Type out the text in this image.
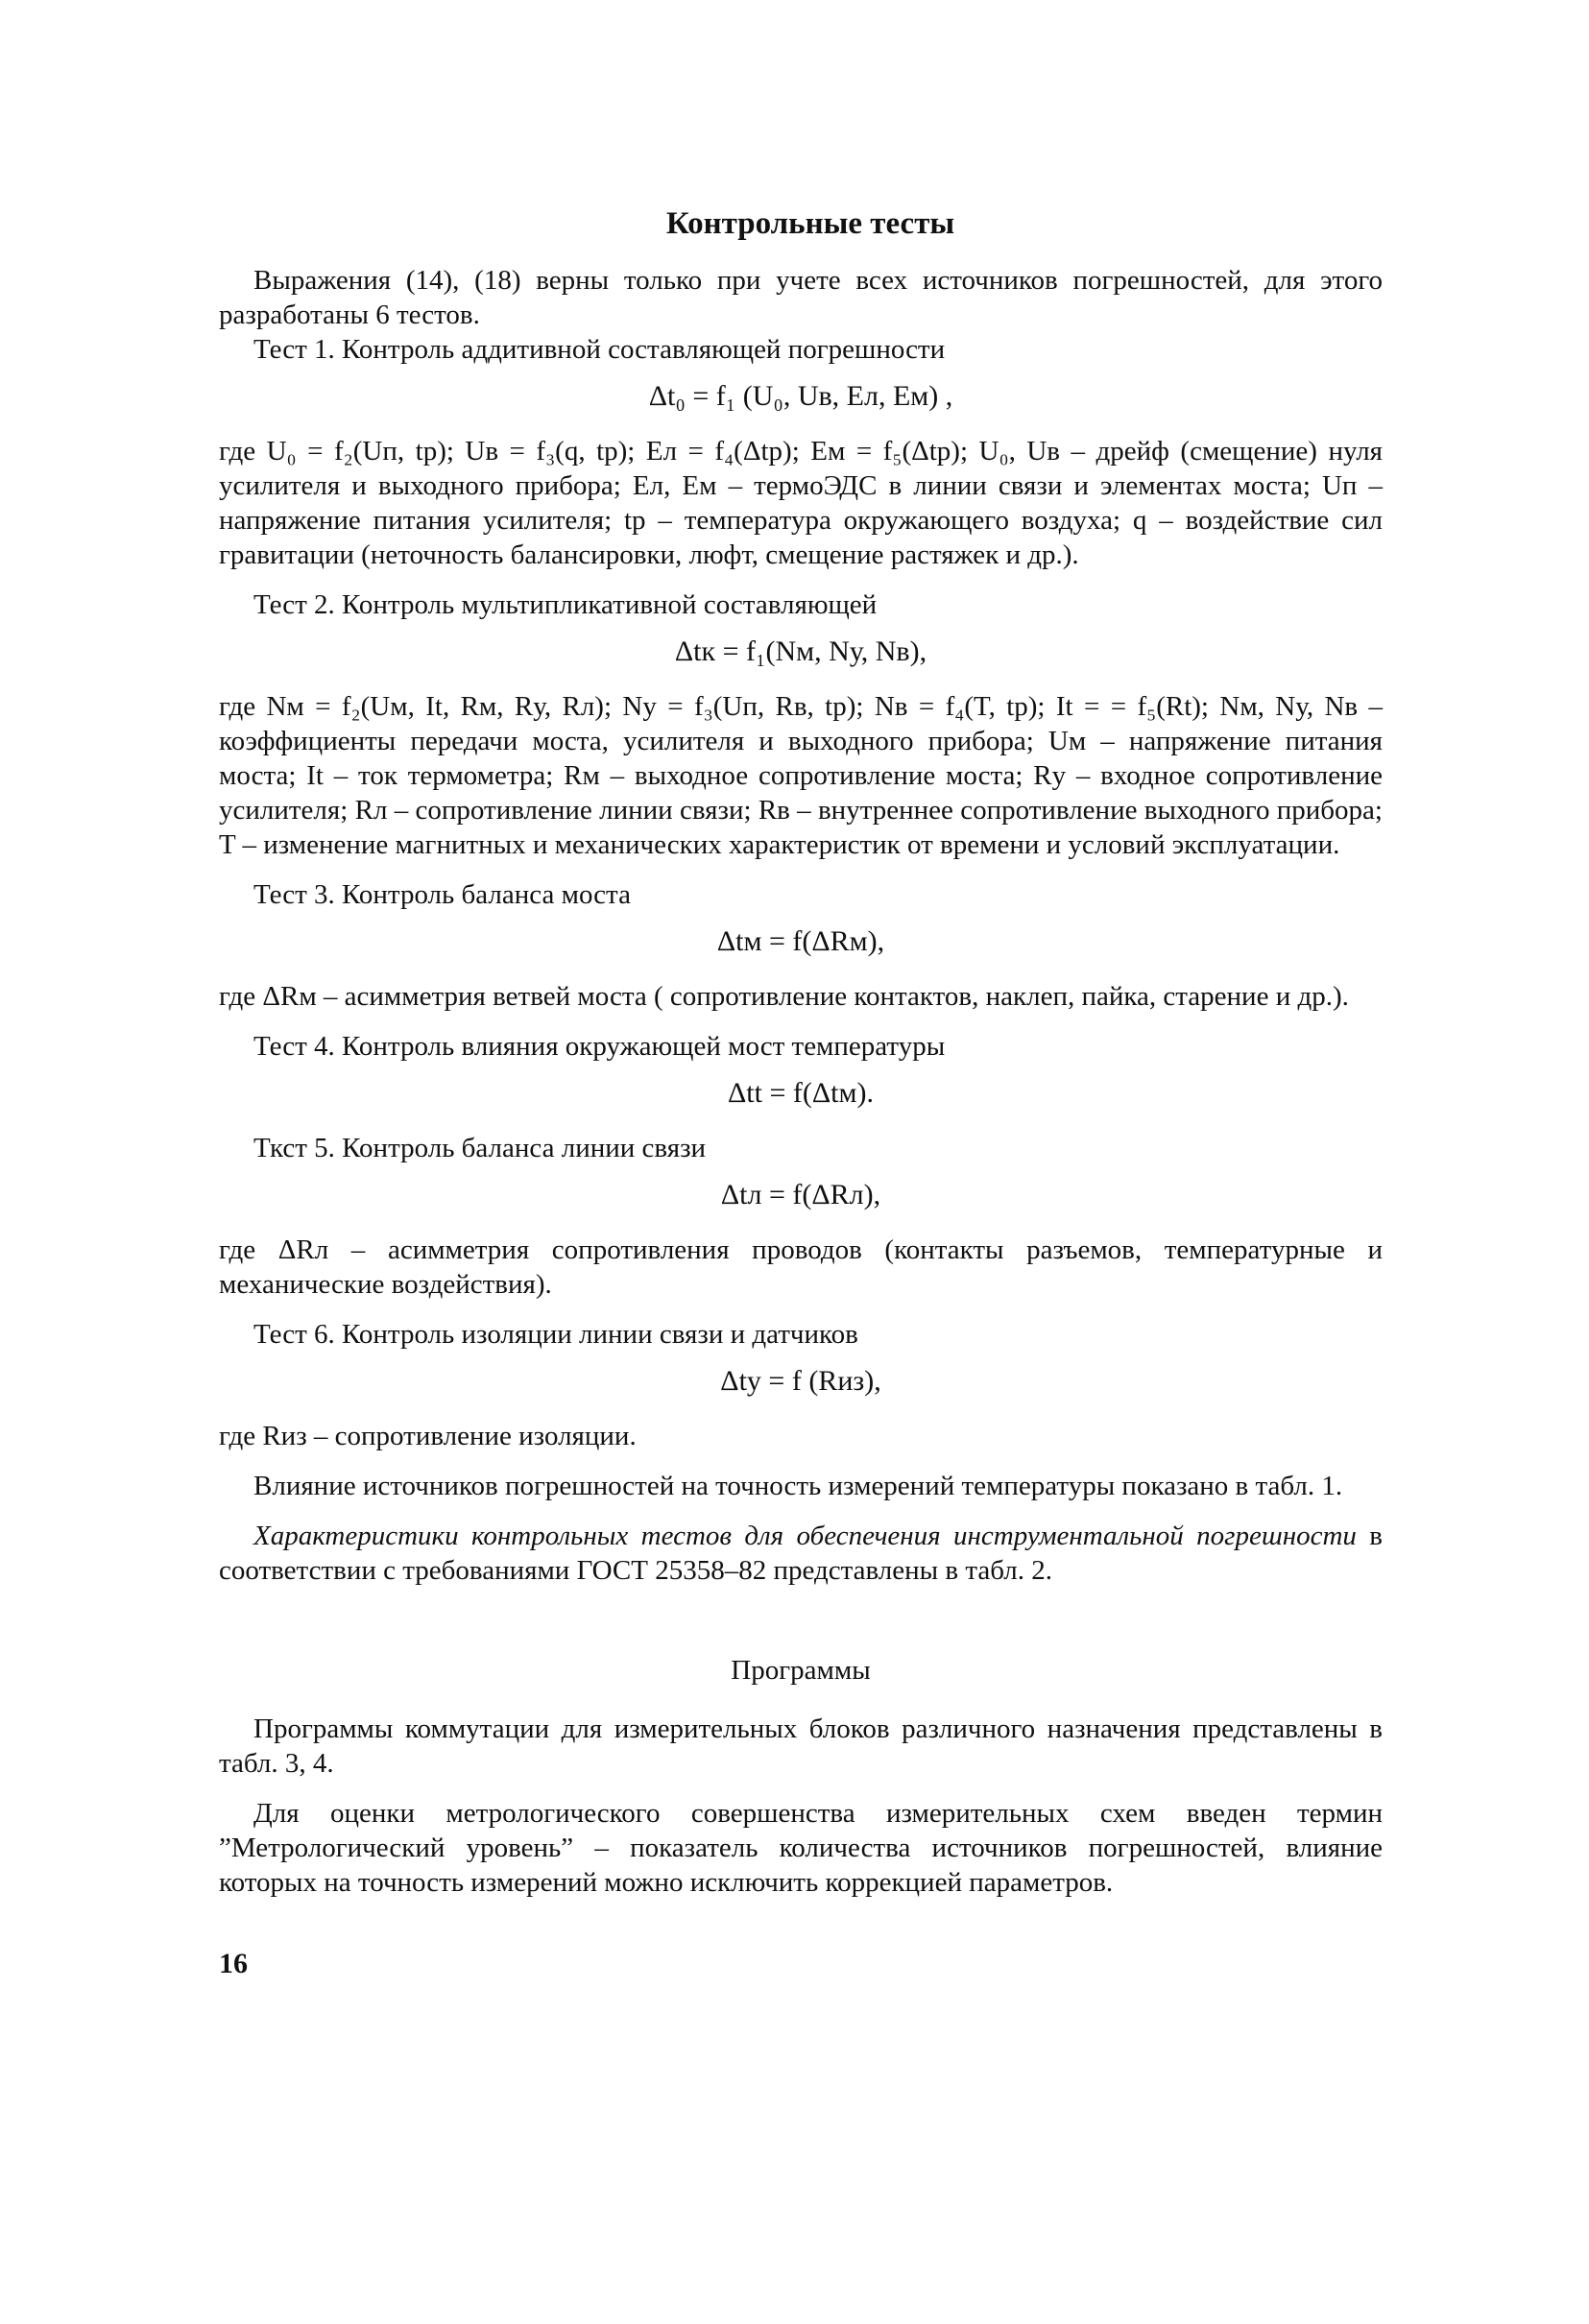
Контрольные тесты

Выражения (14), (18) верны только при учете всех источников погрешностей, для этого разработаны 6 тестов.

Тест 1. Контроль аддитивной составляющей погрешности

Δt₀ = f₁ (U₀, Uв, Eл, Eм) ,

где U₀ = f₂(Uп, tр); Uв = f₃(q, tр); Eл = f₄(Δtр); Eм = f₅(Δtр); U₀, Uв – дрейф (смещение) нуля усилителя и выходного прибора; Eл, Eм – термоЭДС в линии связи и элементах моста; Uп – напряжение питания усилителя; tр – температура окружающего воздуха; q – воздействие сил гравитации (неточность балансировки, люфт, смещение растяжек и др.).

Тест 2. Контроль мультипликативной составляющей

Δtк = f₁(Nм, Nу, Nв),

где Nм = f₂(Uм, It, Rм, Rу, Rл); Nу = f₃(Uп, Rв, tр); Nв = f₄(T, tр); It = = f₅(Rt); Nм, Nу, Nв – коэффициенты передачи моста, усилителя и выходного прибора; Uм – напряжение питания моста; It – ток термометра; Rм – выходное сопротивление моста; Rу – входное сопротивление усилителя; Rл – сопротивление линии связи; Rв – внутреннее сопротивление выходного прибора; T – изменение магнитных и механических характеристик от времени и условий эксплуатации.

Тест 3. Контроль баланса моста

Δtм = f(ΔRм),

где ΔRм – асимметрия ветвей моста ( сопротивление контактов, наклеп, пайка, старение и др.).

Тест 4. Контроль влияния окружающей мост температуры

Δtt = f(Δtм).

Ткст 5. Контроль баланса линии связи

Δtл = f(ΔRл),

где ΔRл – асимметрия сопротивления проводов (контакты разъемов, температурные и механические воздействия).

Тест 6. Контроль изоляции линии связи и датчиков

Δtу = f (Rиз),

где Rиз – сопротивление изоляции.

Влияние источников погрешностей на точность измерений температуры показано в табл. 1.

Характеристики контрольных тестов для обеспечения инструментальной погрешности в соответствии с требованиями ГОСТ 25358–82 представлены в табл. 2.

Программы

Программы коммутации для измерительных блоков различного назначения представлены в табл. 3, 4.

Для оценки метрологического совершенства измерительных схем введен термин ”Метрологический уровень” – показатель количества источников погрешностей, влияние которых на точность измерений можно исключить коррекцией параметров.

16
